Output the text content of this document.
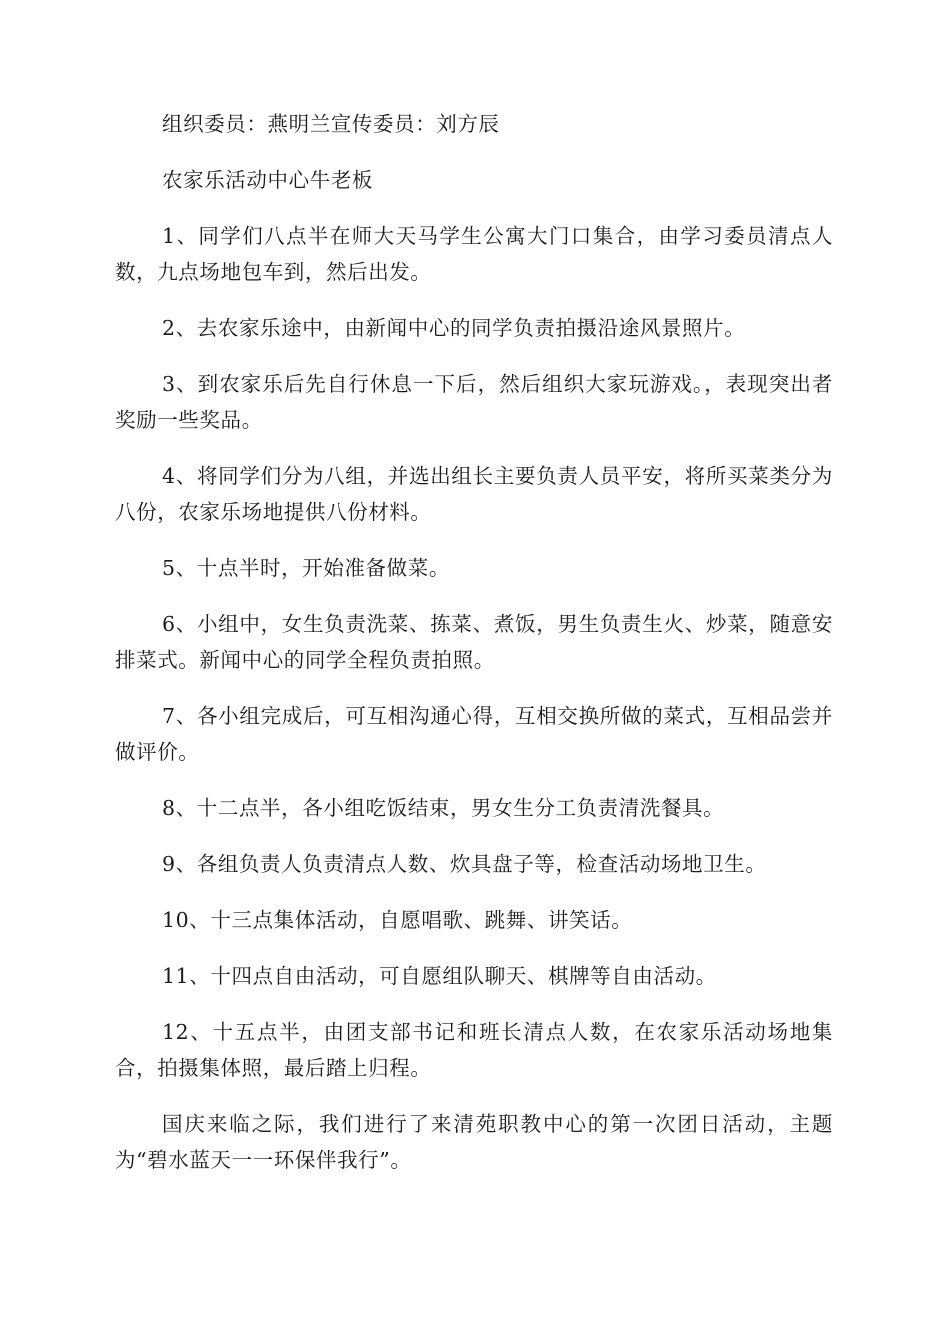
组织委员：燕明兰宣传委员：刘方辰

农家乐活动中心牛老板

1、同学们八点半在师大天马学生公寓大门口集合，由学习委员清点人数，九点场地包车到，然后出发。

2、去农家乐途中，由新闻中心的同学负责拍摄沿途风景照片。

3、到农家乐后先自行休息一下后，然后组织大家玩游戏。，表现突出者奖励一些奖品。

4、将同学们分为八组，并选出组长主要负责人员平安，将所买菜类分为八份，农家乐场地提供八份材料。

5、十点半时，开始准备做菜。

6、小组中，女生负责洗菜、拣菜、煮饭，男生负责生火、炒菜，随意安排菜式。新闻中心的同学全程负责拍照。

7、各小组完成后，可互相沟通心得，互相交换所做的菜式，互相品尝并做评价。

8、十二点半，各小组吃饭结束，男女生分工负责清洗餐具。

9、各组负责人负责清点人数、炊具盘子等，检查活动场地卫生。

10、十三点集体活动，自愿唱歌、跳舞、讲笑话。

11、十四点自由活动，可自愿组队聊天、棋牌等自由活动。

12、十五点半，由团支部书记和班长清点人数，在农家乐活动场地集合，拍摄集体照，最后踏上归程。

国庆来临之际，我们进行了来清苑职教中心的第一次团日活动，主题为“碧水蓝天一一环保伴我行”。
